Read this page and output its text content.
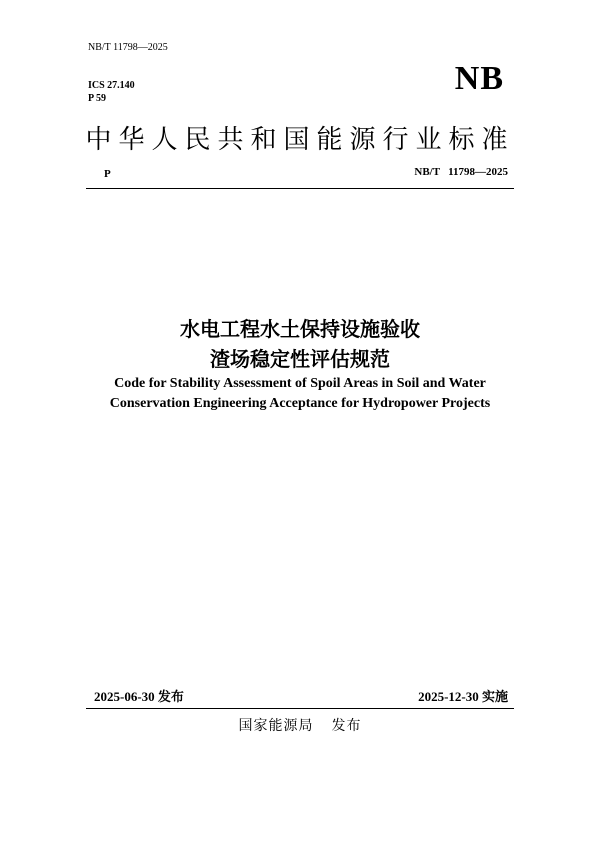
NB/T 11798—2025
ICS 27.140
P 59
NB
中华人民共和国能源行业标准
P	NB/T   11798—2025
水电工程水土保持设施验收
渣场稳定性评估规范
Code for Stability Assessment of Spoil Areas in Soil and Water
Conservation Engineering Acceptance for Hydropower Projects
2025-06-30 发布	2025-12-30 实施
国家能源局 发布
